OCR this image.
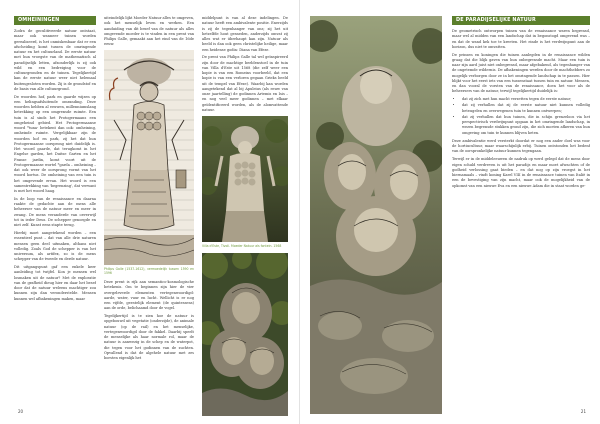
OMHEININGEN

Zodra de geculitiveerde natuur ontstaat, maar ook wanneer tuinen worden gerealiseerd, is het onmiskenbaar dat er een afscheiding komt tussen de omringende natuur en het cultuurland. De eerste natuur met hun vroegste van de mathematisch al paradijselijk letten, afzonderlijk is zij ook wild en een bedreiging voor de cultuurgronden en de tuinen. Tegelijkertijd kan de eerste natuur weer niet helemaal buitengesloten worden. Zij is de grondstof en de basis van alle cultuurgrond.

De woorden hof, park en gaarde wijzen op een helingsafsluitende omranding. Deze woorden hebben al eeuwen, millenniumslang betrekking op een omgrensde ruimte. Een tuin is al sinds het Protogermaans een omgeheind gebied. Het Protogermaanse woord *tuna- betekent dan ook: omheining, omheinde ruimte. Vergelijkbaar zijn de woorden hof en park, zij het dat hun Protogermaanse oorsprong niet duidelijk is. Het woord gaarde, dat terugkomt in het Engelse garden, het Duitse Garten en het Franse jardin, komt voort uit de Protogermaanse wortel *garda – omheining – dat ook weer de oorsprong vormt van het woord hortus. De omheining van een tuin is het omgevende ervan. Het woord is een samentrekking van 'begrenzing', dat verwant is met het woord haag.

In de loop van de renaissance en daarna raakte de gedachte aan de mens alle beheerser van de natuur meer en meer in zwang. De mens veranderde van oeverwijl tot in ieder Deus. De schepper genoegde en niet zelf. Kunst eens stapte terug.

Hierbij moet aangetekend worden – een essentieel punt – dat van alle drie naturen mensen geen deel uitmaken, althans niet volledig. Zoals God de schepper is van het universum, als artifex, zo is de mens schepper van de tweede en derde natuur.

Dit uitgangspunt gaf een enkele keer aanleiding tot twijfel. Kon je mensen wel losmaken uit de natuur? Met de exploratie van de grafheid dieug hier en daar het besef door dat de natuur weleens machtiger zou kunnen zijn dan veronderstelde. Mensen kunnen wel afbakeningen maken, maar

uiteindelijk lijkt Moeder Natuur alles te omgeven, ook het menselijk leven en werken. Een aanduiding van dit besef van de natuur als alles omgevende moeder is te vinden in een prent van Philips Galle, gemaakt aan het eind van de 16de eeuw.

Philips Galle (1537-1612), vermoedelijk tussen 1590 en 1596

Deze prent is rijk aan semantico-kosmologische betekenis. Om te beginnen zijn hier de vier overgeleverde elementen vertegenwoordigd: aarde, water, vuur en lucht. Wellicht is er nog een vijfde, geestelijk element (de quintessens) aan de orde, belichaamd door de vogel.

Tegelijkertijd is te zien hoe de natuur is opgebouwd uit vegetatie (onderzijde), de animale natuur (op de rail) en het menselijke, vertegenwoordigd door de fakkel. Daarbij speelt de menselijke als haar normale rol, maar de natuur is aanwezig in de schep en de waterpot, die tegen voor het godinnen van de zuchten. Opvallend is dat de algehele natuur met zes borsten eigenlijk het

middelpunt is van al deze indelingen. De natuur heeft een ambivalente positie. Enerzijds is zij de tegenhanger van ons; zij het uit hetzelfde hout gesneden, anderzijds omvat zij alles wat er überhaupt kan zijn. Natuur als beeld is dan ook geen christelijke heilige, maar een heidense godin: Diana van Efeze.

De prent van Philips Galle tal wel geïnspireerd zijn door de machtige beeldenstoel in de tuin van Villa d'Este uit 1568 (die zelf weer een kopie is van een Romeins voorbeeld, dat een kopie is van een verloren gegaan Grieks beeld uit de tempel van Efeze). Waarbij kan worden aangetekend dat al bij Apuleius (als eeuw van onze jaartelling) de godinnen Artemis en Isis – en nog veel meer godinnen – met elkaar geïdentificeerd worden, als de alomvattende natuur.

Villa d'Este, Tivoli. Moeder Natuur als fontein. 1568
20
DE PARADIJSELIJKE NATUUR

De geometrisch ontworpen tuinen van de renaissance waren begrensd, maar wel al midden van een landschap dat in begonstogd omgevend was – en dat de wand kek toe te kreeten. Het einde is het verdwijnpunt aan de horizon, dus niet te omvatten.

De prinsen en koningen die tuinen aanlegden in de renaissance wilden graag dat die blijk gaven van hun onbegrensde macht. Maar een tuin is naar zijn aard juist niet onbegrensd, maar afgebakend, als tegenhanger van de ongetemde wildernis. De afbakeningen werden door de machthebbers zo mogelijk verborgen door ze in het omringende landschap in te passen. Hier blijkt voor het eerst iets van een tussenstaat tussen tuin en natuur. Mensen, en dan vooral de vorsten van de renaissance, doen het voor als de beheersers van de natuur, terwijl tegelijkertijd duidelijk is:

• dat zij zich met hun macht verzetten tegen de eerste natuur;
• dat zij verhullen dat zij de eerste natuur niet kunnen volledig beteugelen en overwegenen tuin te kunnen ontwerpen;
• dat zij verhullen dat hun tuinen, die in schijn grenzeloos via het perspectivisch verdwijnpunt opgaan in het omringende landschap, in wezen begrensde stukken grond zijn, die zich moeten afkeren van hun omgeving om tuin te kunnen blijven heten.

Deze ambivalentie werd versterkt doordat er nog een ander doel was voor de hortiucultuur, maar waarschijnlijk erbij. Tuinen ontstonden het bedenf van de oorspronkelijke natuur kunnen tegengaan.

Terwijl er in de middeleeuwen de nadruk op werd gelegd dat de mens door eigen schuld verdreven is uit het paradijs en maar moet afwachten of de godheid verlossing gaat bieden – en dat nog op zijn vroegst in het hiernamaals – vindt koning Karel VIII in de renaissance tuinen van Italië in een de bevestiging van zijn macht, maar ook de mogelijkheid van de opkomst van een nieuwe Eva en een nieuwe Adam die in staat worden ge-

21
